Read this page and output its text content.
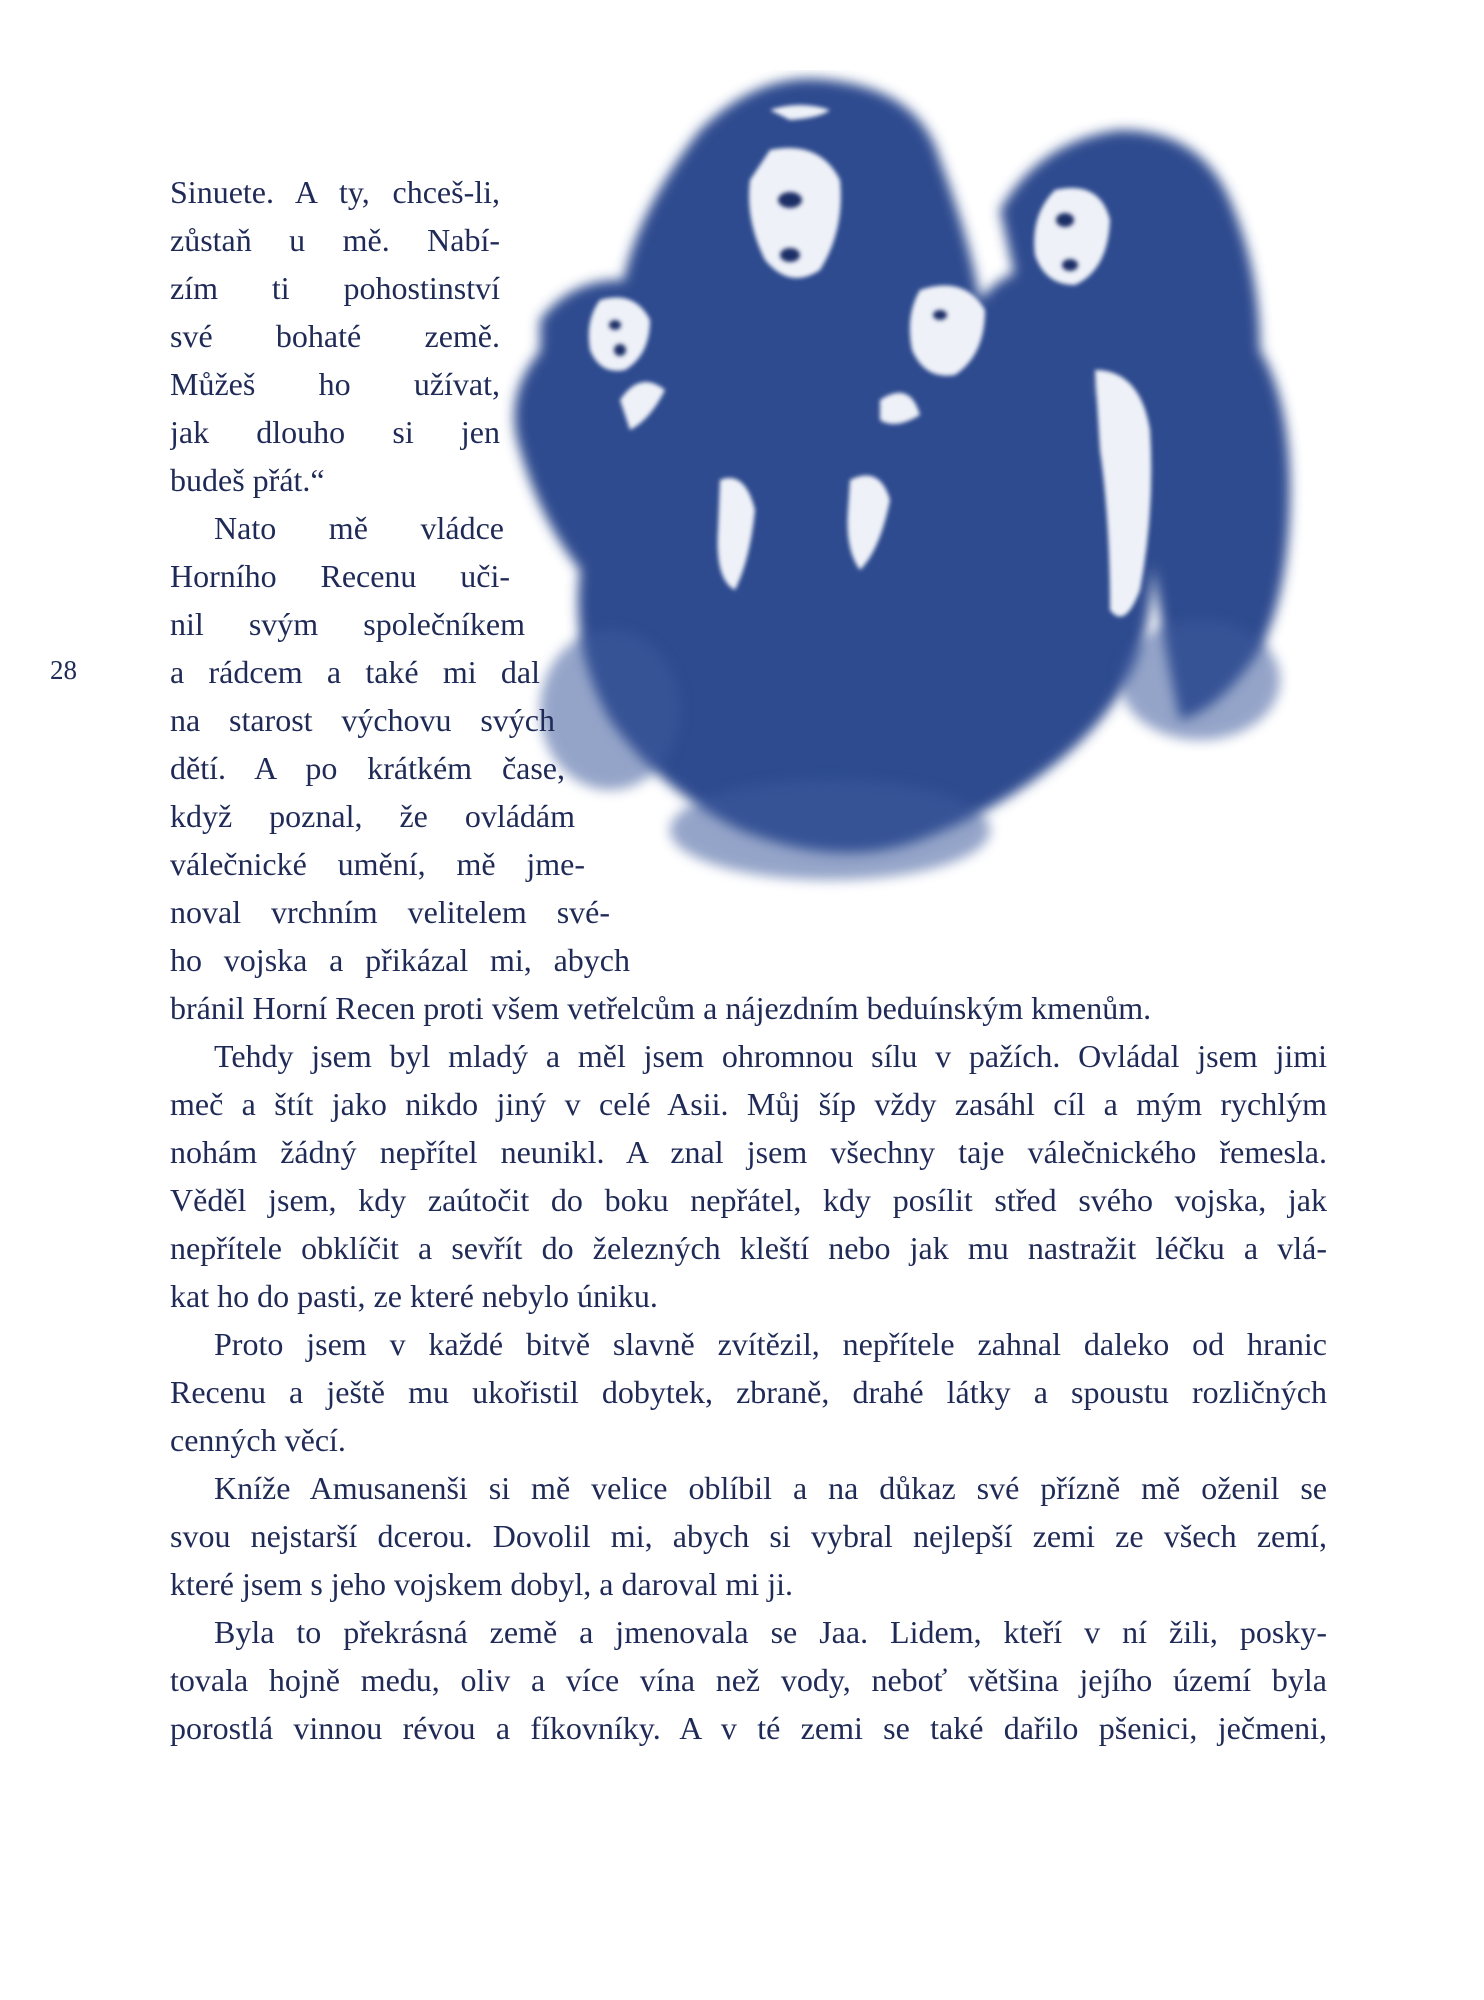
28
Sinuete. A ty, chceš-li,
zůstaň u mě. Nabí-
zím ti pohostinství
své bohaté země.
Můžeš ho užívat,
jak dlouho si jen
budeš přát.“
Nato mě vládce
Horního Recenu uči-
nil svým společníkem
a rádcem a také mi dal
na starost výchovu svých
dětí. A po krátkém čase,
když poznal, že ovládám
válečnické umění, mě jme-
noval vrchním velitelem své-
ho vojska a přikázal mi, abych
bránil Horní Recen proti všem vetřelcům a nájezdním beduínským kmenům.
Tehdy jsem byl mladý a měl jsem ohromnou sílu v pažích. Ovládal jsem jimi
meč a štít jako nikdo jiný v celé Asii. Můj šíp vždy zasáhl cíl a mým rychlým
nohám žádný nepřítel neunikl. A znal jsem všechny taje válečnického řemesla.
Věděl jsem, kdy zaútočit do boku nepřátel, kdy posílit střed svého vojska, jak
nepřítele obklíčit a sevřít do železných kleští nebo jak mu nastražit léčku a vlá-
kat ho do pasti, ze které nebylo úniku.
Proto jsem v každé bitvě slavně zvítězil, nepřítele zahnal daleko od hranic
Recenu a ještě mu ukořistil dobytek, zbraně, drahé látky a spoustu rozličných
cenných věcí.
Kníže Amusanenši si mě velice oblíbil a na důkaz své přízně mě oženil se
svou nejstarší dcerou. Dovolil mi, abych si vybral nejlepší zemi ze všech zemí,
které jsem s jeho vojskem dobyl, a daroval mi ji.
Byla to překrásná země a jmenovala se Jaa. Lidem, kteří v ní žili, posky-
tovala hojně medu, oliv a více vína než vody, neboť většina jejího území byla
porostlá vinnou révou a fíkovníky. A v té zemi se také dařilo pšenici, ječmeni,
